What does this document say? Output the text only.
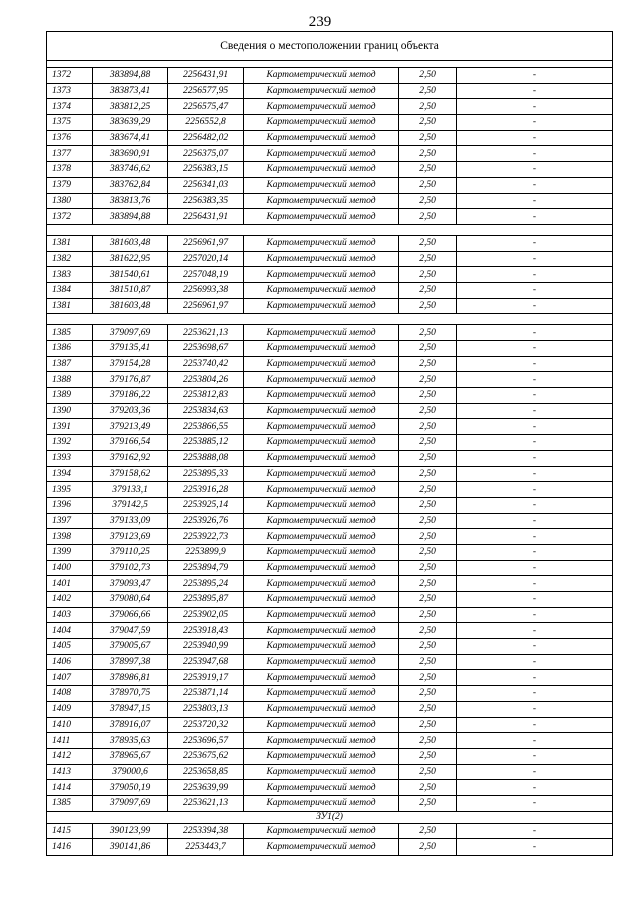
239
Сведения о местоположении границ объекта
1372	383894,88	2256431,91	Картометрический метод	2,50	-
1373	383873,41	2256577,95	Картометрический метод	2,50	-
1374	383812,25	2256575,47	Картометрический метод	2,50	-
1375	383639,29	2256552,8	Картометрический метод	2,50	-
1376	383674,41	2256482,02	Картометрический метод	2,50	-
1377	383690,91	2256375,07	Картометрический метод	2,50	-
1378	383746,62	2256383,15	Картометрический метод	2,50	-
1379	383762,84	2256341,03	Картометрический метод	2,50	-
1380	383813,76	2256383,35	Картометрический метод	2,50	-
1372	383894,88	2256431,91	Картометрический метод	2,50	-
1381	381603,48	2256961,97	Картометрический метод	2,50	-
1382	381622,95	2257020,14	Картометрический метод	2,50	-
1383	381540,61	2257048,19	Картометрический метод	2,50	-
1384	381510,87	2256993,38	Картометрический метод	2,50	-
1381	381603,48	2256961,97	Картометрический метод	2,50	-
1385	379097,69	2253621,13	Картометрический метод	2,50	-
1386	379135,41	2253698,67	Картометрический метод	2,50	-
1387	379154,28	2253740,42	Картометрический метод	2,50	-
1388	379176,87	2253804,26	Картометрический метод	2,50	-
1389	379186,22	2253812,83	Картометрический метод	2,50	-
1390	379203,36	2253834,63	Картометрический метод	2,50	-
1391	379213,49	2253866,55	Картометрический метод	2,50	-
1392	379166,54	2253885,12	Картометрический метод	2,50	-
1393	379162,92	2253888,08	Картометрический метод	2,50	-
1394	379158,62	2253895,33	Картометрический метод	2,50	-
1395	379133,1	2253916,28	Картометрический метод	2,50	-
1396	379142,5	2253925,14	Картометрический метод	2,50	-
1397	379133,09	2253926,76	Картометрический метод	2,50	-
1398	379123,69	2253922,73	Картометрический метод	2,50	-
1399	379110,25	2253899,9	Картометрический метод	2,50	-
1400	379102,73	2253894,79	Картометрический метод	2,50	-
1401	379093,47	2253895,24	Картометрический метод	2,50	-
1402	379080,64	2253895,87	Картометрический метод	2,50	-
1403	379066,66	2253902,05	Картометрический метод	2,50	-
1404	379047,59	2253918,43	Картометрический метод	2,50	-
1405	379005,67	2253940,99	Картометрический метод	2,50	-
1406	378997,38	2253947,68	Картометрический метод	2,50	-
1407	378986,81	2253919,17	Картометрический метод	2,50	-
1408	378970,75	2253871,14	Картометрический метод	2,50	-
1409	378947,15	2253803,13	Картометрический метод	2,50	-
1410	378916,07	2253720,32	Картометрический метод	2,50	-
1411	378935,63	2253696,57	Картометрический метод	2,50	-
1412	378965,67	2253675,62	Картометрический метод	2,50	-
1413	379000,6	2253658,85	Картометрический метод	2,50	-
1414	379050,19	2253639,99	Картометрический метод	2,50	-
1385	379097,69	2253621,13	Картометрический метод	2,50	-
ЗУ1(2)
1415	390123,99	2253394,38	Картометрический метод	2,50	-
1416	390141,86	2253443,7	Картометрический метод	2,50	-
